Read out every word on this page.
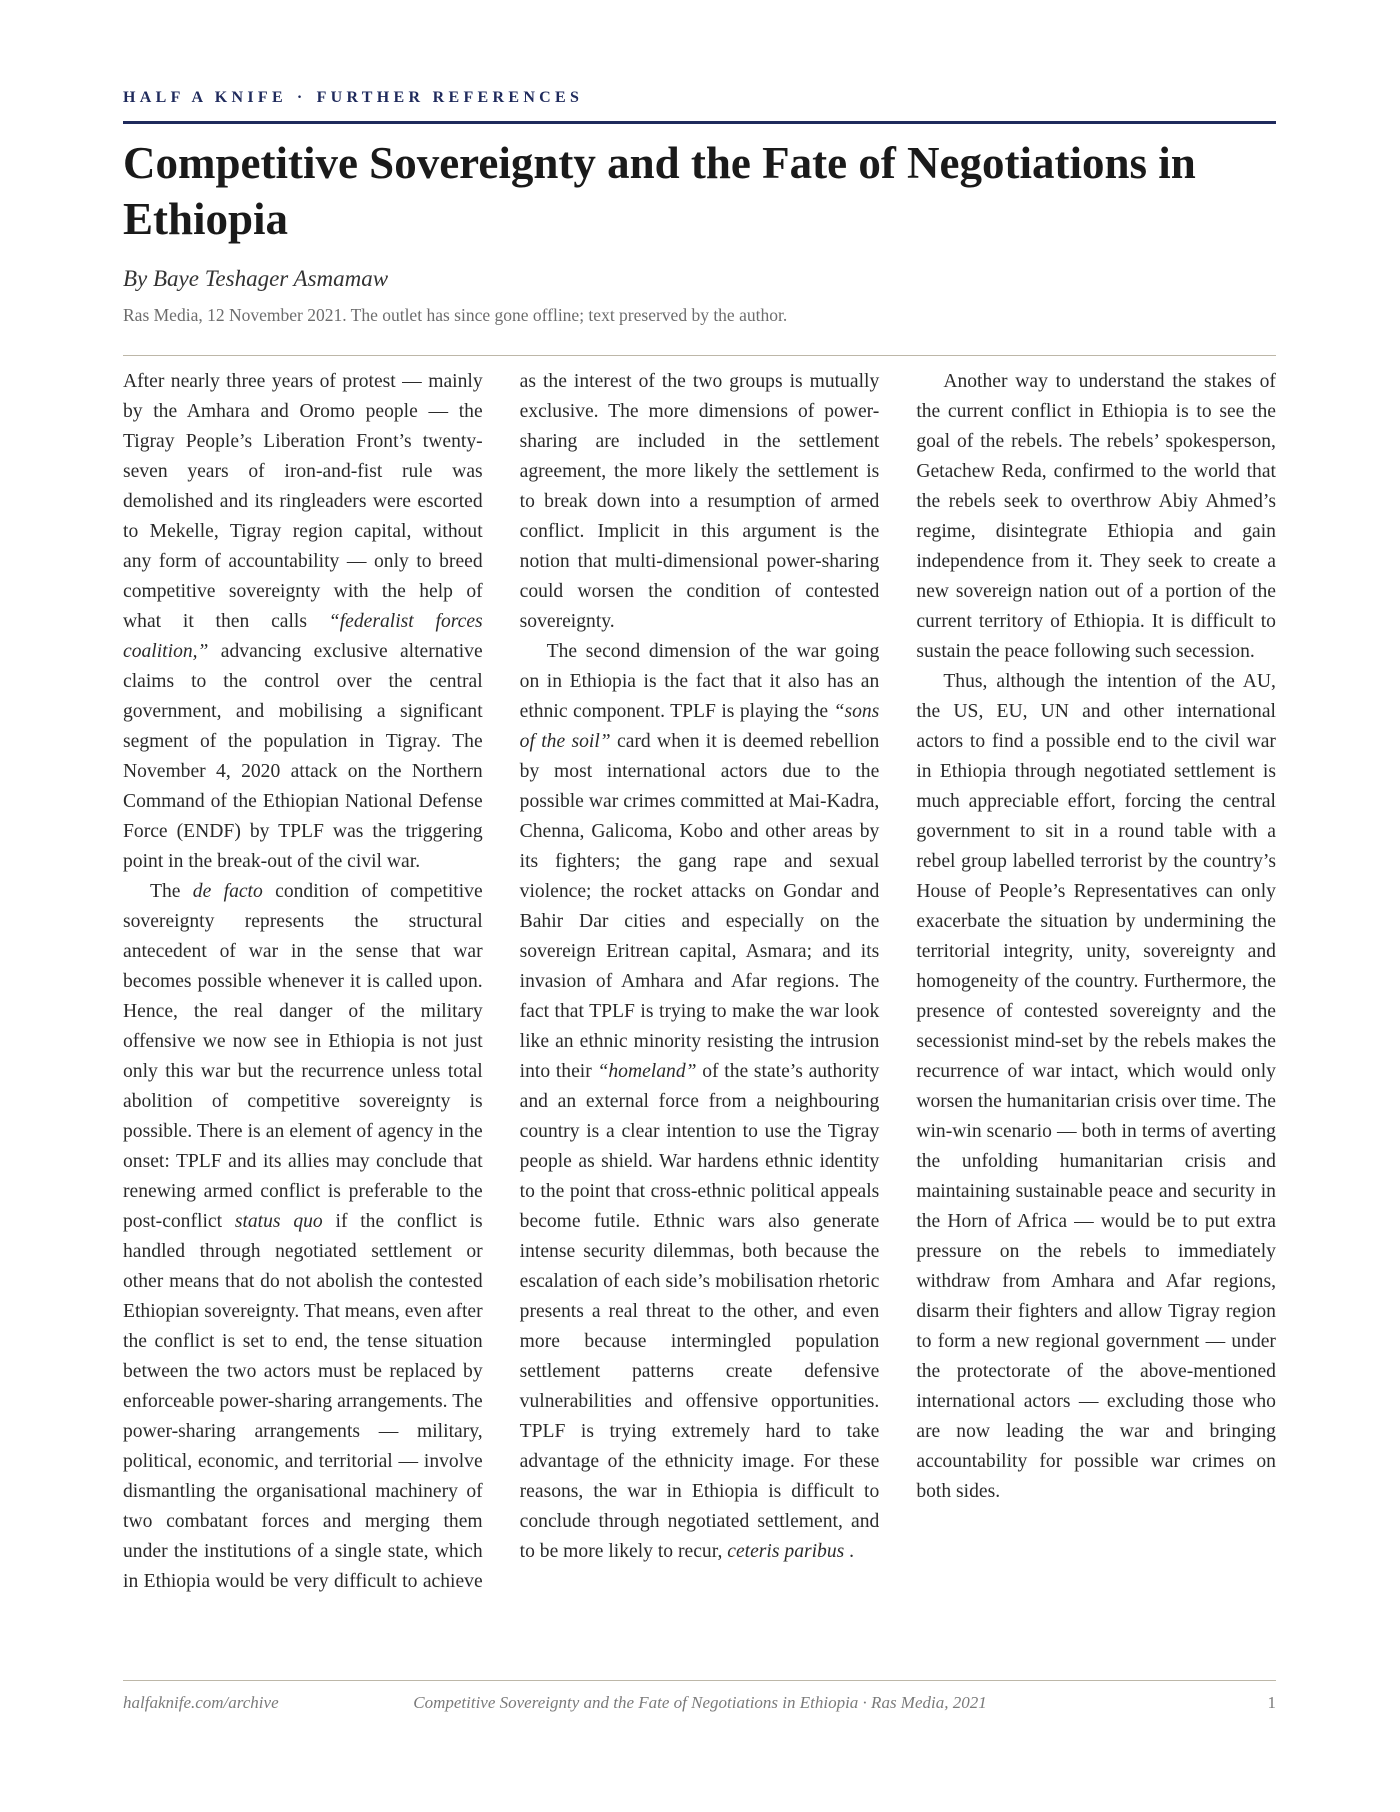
HALF A KNIFE · FURTHER REFERENCES
Competitive Sovereignty and the Fate of Negotiations in Ethiopia
By Baye Teshager Asmamaw
Ras Media, 12 November 2021. The outlet has since gone offline; text preserved by the author.

After nearly three years of protest — mainly by the Amhara and Oromo people — the Tigray People’s Liberation Front’s twenty-seven years of iron-and-fist rule was demolished and its ringleaders were escorted to Mekelle, Tigray region capital, without any form of accountability — only to breed competitive sovereignty with the help of what it then calls “federalist forces coalition,” advancing exclusive alternative claims to the control over the central government, and mobilising a significant segment of the population in Tigray. The November 4, 2020 attack on the Northern Command of the Ethiopian National Defense Force (ENDF) by TPLF was the triggering point in the break-out of the civil war.

The de facto condition of competitive sovereignty represents the structural antecedent of war in the sense that war becomes possible whenever it is called upon. Hence, the real danger of the military offensive we now see in Ethiopia is not just only this war but the recurrence unless total abolition of competitive sovereignty is possible. There is an element of agency in the onset: TPLF and its allies may conclude that renewing armed conflict is preferable to the post-conflict status quo if the conflict is handled through negotiated settlement or other means that do not abolish the contested Ethiopian sovereignty. That means, even after the conflict is set to end, the tense situation between the two actors must be replaced by enforceable power-sharing arrangements. The power-sharing arrangements — military, political, economic, and territorial — involve dismantling the organisational machinery of two combatant forces and merging them under the institutions of a single state, which in Ethiopia would be very difficult to achieve as the interest of the two groups is mutually exclusive. The more dimensions of power-sharing are included in the settlement agreement, the more likely the settlement is to break down into a resumption of armed conflict. Implicit in this argument is the notion that multi-dimensional power-sharing could worsen the condition of contested sovereignty.

The second dimension of the war going on in Ethiopia is the fact that it also has an ethnic component. TPLF is playing the “sons of the soil” card when it is deemed rebellion by most international actors due to the possible war crimes committed at Mai-Kadra, Chenna, Galicoma, Kobo and other areas by its fighters; the gang rape and sexual violence; the rocket attacks on Gondar and Bahir Dar cities and especially on the sovereign Eritrean capital, Asmara; and its invasion of Amhara and Afar regions. The fact that TPLF is trying to make the war look like an ethnic minority resisting the intrusion into their “homeland” of the state’s authority and an external force from a neighbouring country is a clear intention to use the Tigray people as shield. War hardens ethnic identity to the point that cross-ethnic political appeals become futile. Ethnic wars also generate intense security dilemmas, both because the escalation of each side’s mobilisation rhetoric presents a real threat to the other, and even more because intermingled population settlement patterns create defensive vulnerabilities and offensive opportunities. TPLF is trying extremely hard to take advantage of the ethnicity image. For these reasons, the war in Ethiopia is difficult to conclude through negotiated settlement, and to be more likely to recur, ceteris paribus .

Another way to understand the stakes of the current conflict in Ethiopia is to see the goal of the rebels. The rebels’ spokesperson, Getachew Reda, confirmed to the world that the rebels seek to overthrow Abiy Ahmed’s regime, disintegrate Ethiopia and gain independence from it. They seek to create a new sovereign nation out of a portion of the current territory of Ethiopia. It is difficult to sustain the peace following such secession.

Thus, although the intention of the AU, the US, EU, UN and other international actors to find a possible end to the civil war in Ethiopia through negotiated settlement is much appreciable effort, forcing the central government to sit in a round table with a rebel group labelled terrorist by the country’s House of People’s Representatives can only exacerbate the situation by undermining the territorial integrity, unity, sovereignty and homogeneity of the country. Furthermore, the presence of contested sovereignty and the secessionist mind-set by the rebels makes the recurrence of war intact, which would only worsen the humanitarian crisis over time. The win-win scenario — both in terms of averting the unfolding humanitarian crisis and maintaining sustainable peace and security in the Horn of Africa — would be to put extra pressure on the rebels to immediately withdraw from Amhara and Afar regions, disarm their fighters and allow Tigray region to form a new regional government — under the protectorate of the above-mentioned international actors — excluding those who are now leading the war and bringing accountability for possible war crimes on both sides.

halfaknife.com/archive	Competitive Sovereignty and the Fate of Negotiations in Ethiopia · Ras Media, 2021	1
